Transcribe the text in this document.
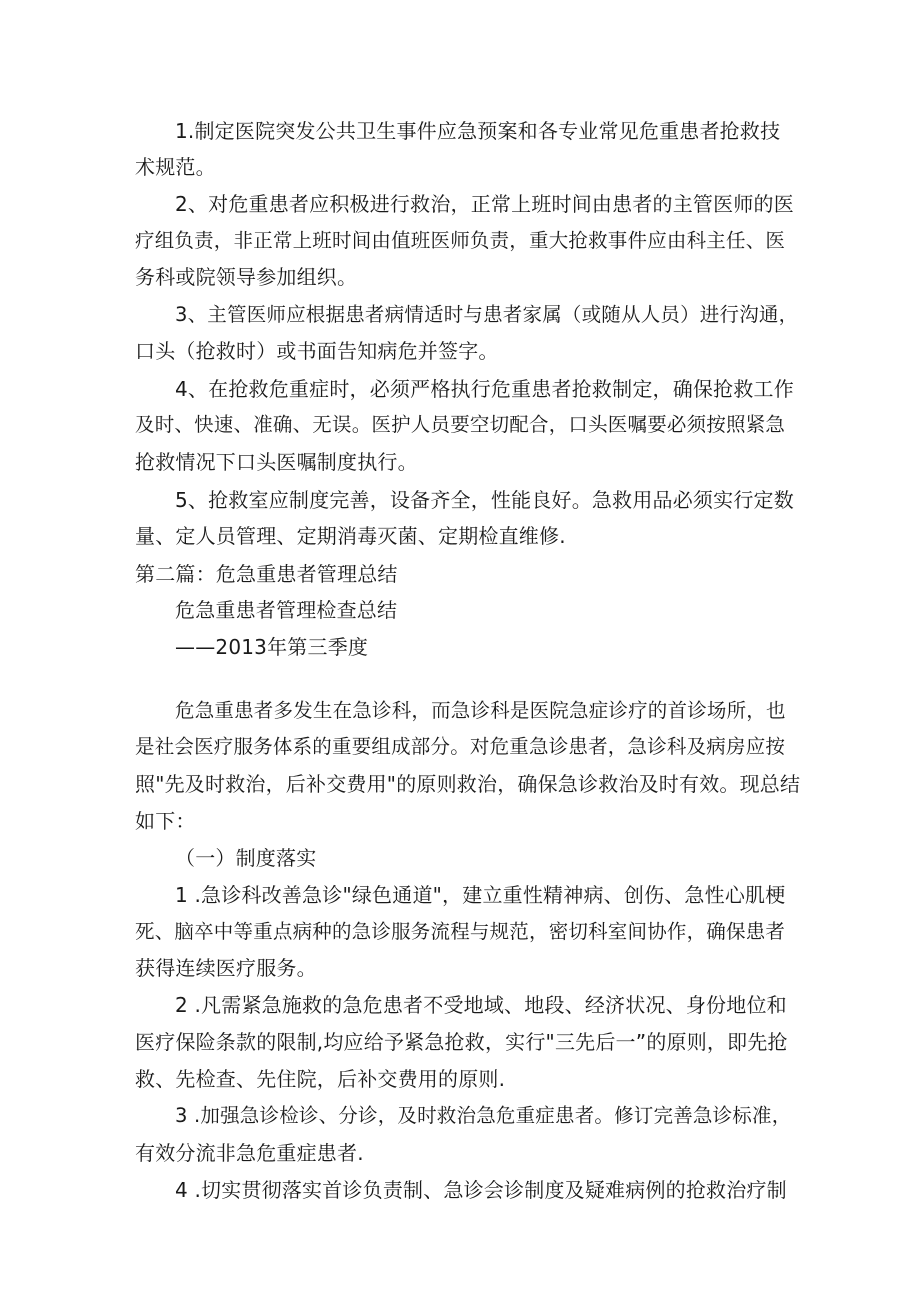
1.制定医院突发公共卫生事件应急预案和各专业常见危重患者抢救技
术规范。
2、对危重患者应积极进行救治，正常上班时间由患者的主管医师的医
疗组负责，非正常上班时间由值班医师负责，重大抢救事件应由科主任、医
务科或院领导参加组织。
3、主管医师应根据患者病情适时与患者家属（或随从人员）进行沟通，
口头（抢救时）或书面告知病危并签字。
4、在抢救危重症时，必须严格执行危重患者抢救制定，确保抢救工作
及时、快速、准确、无误。医护人员要空切配合，口头医嘱要必须按照紧急
抢救情况下口头医嘱制度执行。
5、抢救室应制度完善，设备齐全，性能良好。急救用品必须实行定数
量、定人员管理、定期消毒灭菌、定期检直维修.
第二篇：危急重患者管理总结
危急重患者管理检查总结
——2013年第三季度
危急重患者多发生在急诊科，而急诊科是医院急症诊疗的首诊场所，也
是社会医疗服务体系的重要组成部分。对危重急诊患者，急诊科及病房应按
照"先及时救治，后补交费用"的原则救治，确保急诊救治及时有效。现总结
如下：
（一）制度落实
1 .急诊科改善急诊"绿色通道"，建立重性精神病、创伤、急性心肌梗
死、脑卒中等重点病种的急诊服务流程与规范，密切科室间协作，确保患者
获得连续医疗服务。
2 .凡需紧急施救的急危患者不受地域、地段、经济状况、身份地位和
医疗保险条款的限制,均应给予紧急抢救，实行"三先后一”的原则，即先抢
救、先检查、先住院，后补交费用的原则.
3 .加强急诊检诊、分诊，及时救治急危重症患者。修订完善急诊标准，
有效分流非急危重症患者.
4 .切实贯彻落实首诊负责制、急诊会诊制度及疑难病例的抢救治疗制
